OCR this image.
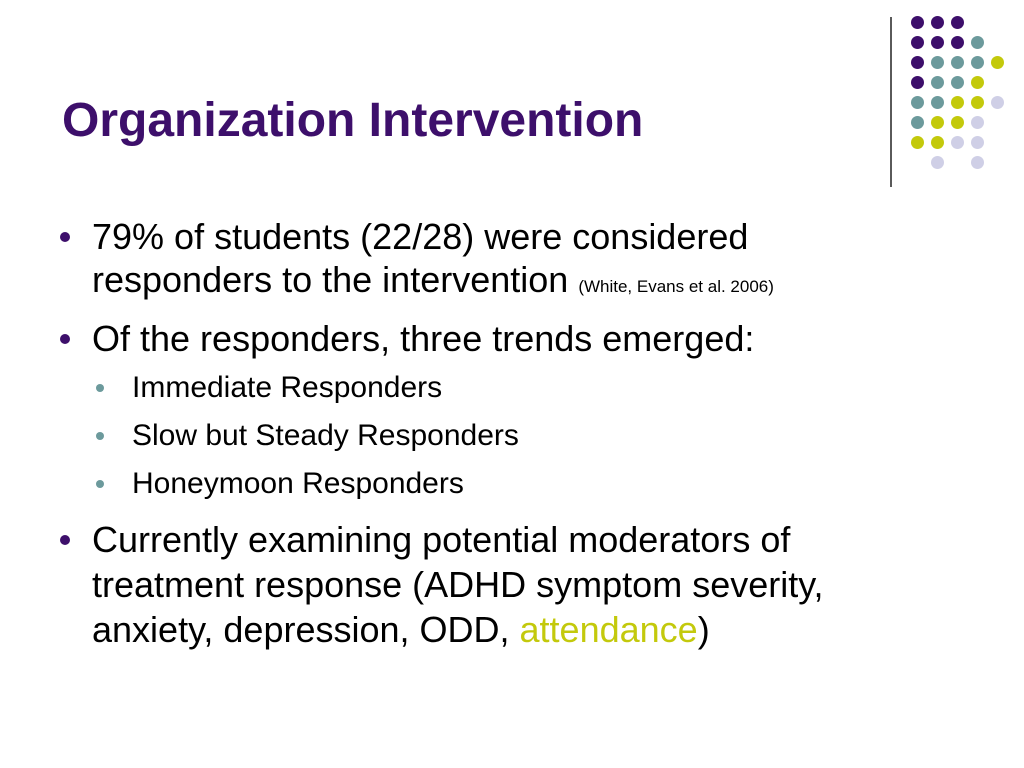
Organization Intervention

79% of students (22/28) were considered

responders to the intervention (White, Evans et al. 2006)

Of the responders, three trends emerged:

Immediate Responders

Slow but Steady Responders

Honeymoon Responders

Currently examining potential moderators of

treatment response (ADHD symptom severity,

anxiety, depression, ODD, attendance)
